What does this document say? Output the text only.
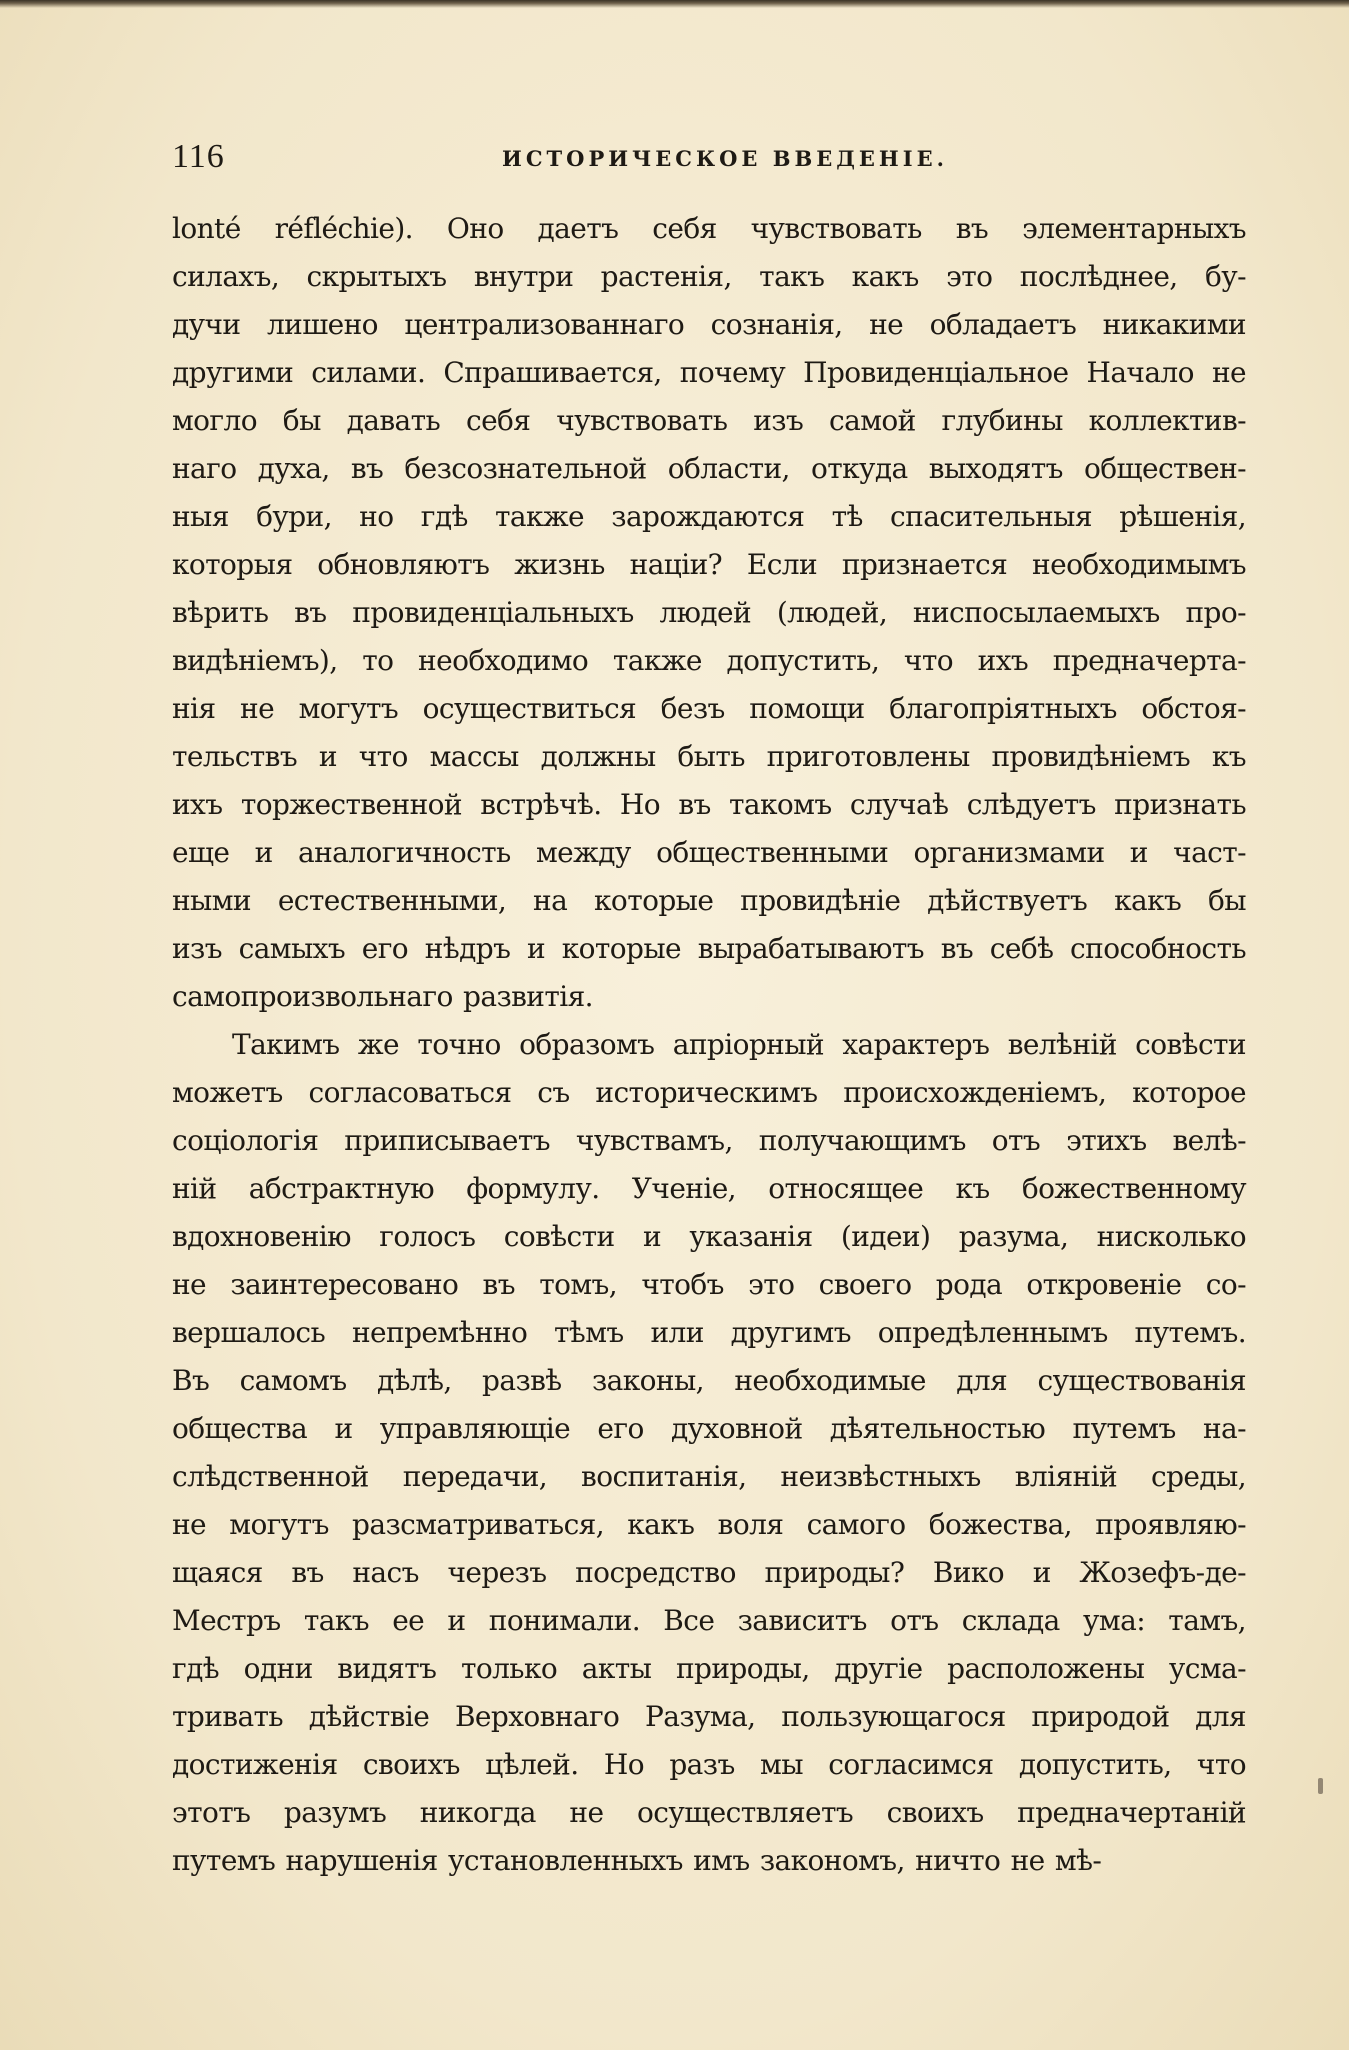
116	ИСТОРИЧЕСКОЕ ВВЕДЕНІЕ.
lonté réfléchie). Оно даетъ себя чувствовать въ элементарныхъ
силахъ, скрытыхъ внутри растенія, такъ какъ это послѣднее, бу-
дучи лишено централизованнаго сознанія, не обладаетъ никакими
другими силами. Спрашивается, почему Провиденціальное Начало не
могло бы давать себя чувствовать изъ самой глубины коллектив-
наго духа, въ безсознательной области, откуда выходятъ обществен-
ныя бури, но гдѣ также зарождаются тѣ спасительныя рѣшенія,
которыя обновляютъ жизнь націи? Если признается необходимымъ
вѣрить въ провиденціальныхъ людей (людей, ниспосылаемыхъ про-
видѣніемъ), то необходимо также допустить, что ихъ предначерта-
нія не могутъ осуществиться безъ помощи благопріятныхъ обстоя-
тельствъ и что массы должны быть приготовлены провидѣніемъ къ
ихъ торжественной встрѣчѣ. Но въ такомъ случаѣ слѣдуетъ признать
еще и аналогичность между общественными организмами и част-
ными естественными, на которые провидѣніе дѣйствуетъ какъ бы
изъ самыхъ его нѣдръ и которые вырабатываютъ въ себѣ способность
самопроизвольнаго развитія.
Такимъ же точно образомъ апріорный характеръ велѣній совѣсти
можетъ согласоваться съ историческимъ происхожденіемъ, которое
соціологія приписываетъ чувствамъ, получающимъ отъ этихъ велѣ-
ній абстрактную формулу. Ученіе, относящее къ божественному
вдохновенію голосъ совѣсти и указанія (идеи) разума, нисколько
не заинтересовано въ томъ, чтобъ это своего рода откровеніе со-
вершалось непремѣнно тѣмъ или другимъ опредѣленнымъ путемъ.
Въ самомъ дѣлѣ, развѣ законы, необходимые для существованія
общества и управляющіе его духовной дѣятельностью путемъ на-
слѣдственной передачи, воспитанія, неизвѣстныхъ вліяній среды,
не могутъ разсматриваться, какъ воля самого божества, проявляю-
щаяся въ насъ черезъ посредство природы? Вико и Жозефъ-де-
Местръ такъ ее и понимали. Все зависитъ отъ склада ума: тамъ,
гдѣ одни видятъ только акты природы, другіе расположены усма-
тривать дѣйствіе Верховнаго Разума, пользующагося природой для
достиженія своихъ цѣлей. Но разъ мы согласимся допустить, что
этотъ разумъ никогда не осуществляетъ своихъ предначертаній
путемъ нарушенія установленныхъ имъ закономъ, ничто не мѣ-
